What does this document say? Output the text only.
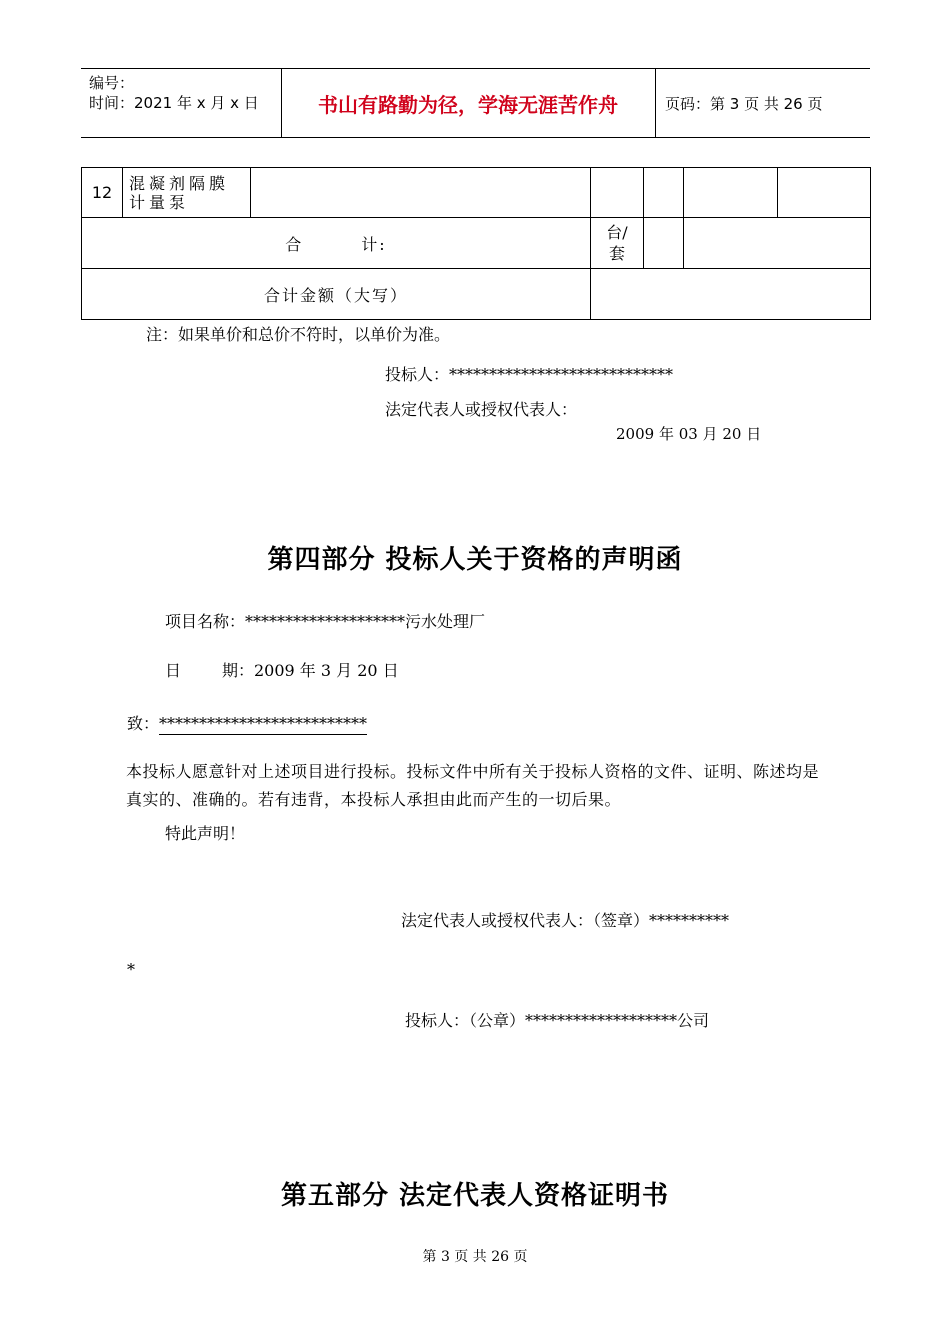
编号：
时间：2021 年 x 月 x 日	书山有路勤为径，学海无涯苦作舟	页码：第 3 页 共 26 页
12	混凝剂隔膜
计量泵					

合 计:			台/
套			

合计金额（大写）						
注：如果单价和总价不符时，以单价为准。
投标人：****************************
法定代表人或授权代表人：
2009 年 03 月 20 日
第四部分 投标人关于资格的声明函
项目名称：********************污水处理厂
日	期：2009 年 3 月 20 日
致：**************************
本投标人愿意针对上述项目进行投标。投标文件中所有关于投标人资格的文件、证明、陈述均是真实的、准确的。若有违背，本投标人承担由此而产生的一切后果。
特此声明！
法定代表人或授权代表人：（签章）**********
*
投标人：（公章）*******************公司
第五部分 法定代表人资格证明书
第 3 页 共 26 页
